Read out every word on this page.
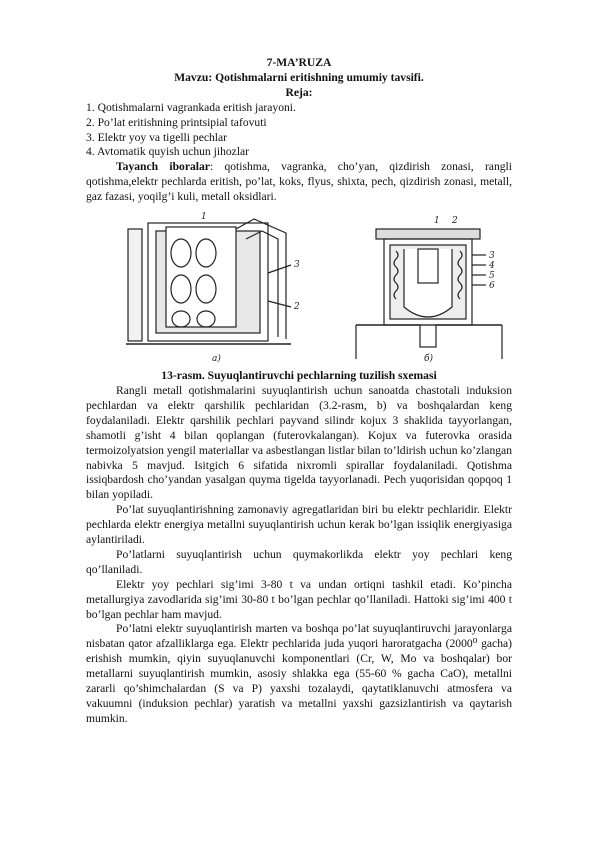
7-MA’RUZA
Mavzu: Qotishmalarni eritishning umumiy tavsifi.
Reja:

1. Qotishmalarni vagrankada eritish jarayoni.

2. Po’lat eritishning printsipial tafovuti

3. Elektr yoy va tigelli pechlar

4. Avtomatik quyish uchun jihozlar

Tayanch iboralar: qotishma, vagranka, cho’yan, qizdirish zonasi, rangli qotishma,elektr pechlarda eritish, po’lat, koks, flyus, shixta, pech, qizdirish zonasi, metall, gaz fazasi, yoqilg’i kuli, metall oksidlari.

1
3
2
a)
1 2
3
4
5
6
б)
13-rasm. Suyuqlantiruvchi pechlarning tuzilish sxemasi

Rangli metall qotishmalarini suyuqlantirish uchun sanoatda chastotali induksion pechlardan va elektr qarshilik pechlaridan (3.2-rasm, b) va boshqalardan keng foydalaniladi. Elektr qarshilik pechlari payvand silindr kojux 3 shaklida tayyorlangan, shamotli g’isht 4 bilan qoplangan (futerovkalangan). Kojux va futerovka orasida termoizolyatsion yengil materiallar va asbestlangan listlar bilan to’ldirish uchun ko’zlangan nabivka 5 mavjud. Isitgich 6 sifatida nixromli spirallar foydalaniladi. Qotishma issiqbardosh cho’yandan yasalgan quyma tigelda tayyorlanadi. Pech yuqorisidan qopqoq 1 bilan yopiladi.

Po’lat suyuqlantirishning zamonaviy agregatlaridan biri bu elektr pechlaridir. Elektr pechlarda elektr energiya metallni suyuqlantirish uchun kerak bo’lgan issiqlik energiyasiga aylantiriladi.

Po’latlarni suyuqlantirish uchun quymakorlikda elektr yoy pechlari keng qo’llaniladi.

Elektr yoy pechlari sig’imi 3-80 t va undan ortiqni tashkil etadi. Ko’pincha metallurgiya zavodlarida sig’imi 30-80 t bo’lgan pechlar qo’llaniladi. Hattoki sig’imi 400 t bo’lgan pechlar ham mavjud.

Po’latni elektr suyuqlantirish marten va boshqa po’lat suyuqlantiruvchi jarayonlarga nisbatan qator afzalliklarga ega. Elektr pechlarida juda yuqori haroratgacha (2000⁰ gacha) erishish mumkin, qiyin suyuqlanuvchi komponentlari (Cr, W, Mo va boshqalar) bor metallarni suyuqlantirish mumkin, asosiy shlakka ega (55-60 % gacha CaO), metallni zararli qo’shimchalardan (S va P) yaxshi tozalaydi, qaytatiklanuvchi atmosfera va vakuumni (induksion pechlar) yaratish va metallni yaxshi gazsizlantirish va qaytarish mumkin.
